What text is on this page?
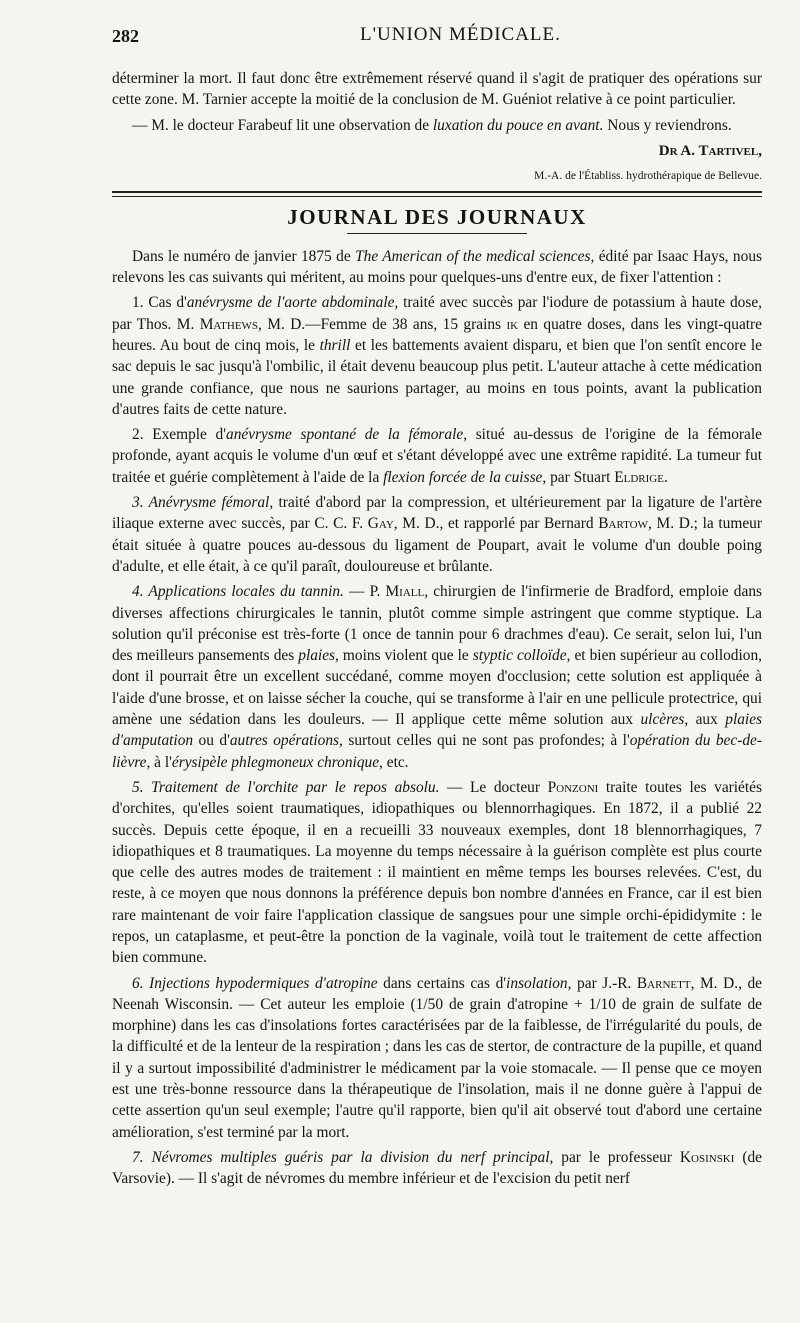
282	L'UNION MÉDICALE.

déterminer la mort. Il faut donc être extrêmement réservé quand il s'agit de pratiquer des opérations sur cette zone. M. Tarnier accepte la moitié de la conclusion de M. Guéniot relative à ce point particulier.

— M. le docteur Farabeuf lit une observation de luxation du pouce en avant. Nous y reviendrons.

Dr A. Tartivel,

M.-A. de l'Établiss. hydrothérapique de Bellevue.

JOURNAL DES JOURNAUX

Dans le numéro de janvier 1875 de The American of the medical sciences, édité par Isaac Hays, nous relevons les cas suivants qui méritent, au moins pour quelques-uns d'entre eux, de fixer l'attention :

1. Cas d'anévrysme de l'aorte abdominale, traité avec succès par l'iodure de potassium à haute dose, par Thos. M. Mathews, M. D.—Femme de 38 ans, 15 grains ik en quatre doses, dans les vingt-quatre heures. Au bout de cinq mois, le thrill et les battements avaient disparu, et bien que l'on sentît encore le sac depuis le sac jusqu'à l'ombilic, il était devenu beaucoup plus petit. L'auteur attache à cette médication une grande confiance, que nous ne saurions partager, au moins en tous points, avant la publication d'autres faits de cette nature.

2. Exemple d'anévrysme spontané de la fémorale, situé au-dessus de l'origine de la fémorale profonde, ayant acquis le volume d'un œuf et s'étant développé avec une extrême rapidité. La tumeur fut traitée et guérie complètement à l'aide de la flexion forcée de la cuisse, par Stuart Eldrige.

3. Anévrysme fémoral, traité d'abord par la compression, et ultérieurement par la ligature de l'artère iliaque externe avec succès, par C. C. F. Gay, M. D., et rapporlé par Bernard Bartow, M. D.; la tumeur était située à quatre pouces au-dessous du ligament de Poupart, avait le volume d'un double poing d'adulte, et elle était, à ce qu'il paraît, douloureuse et brûlante.

4. Applications locales du tannin. — P. Miall, chirurgien de l'infirmerie de Bradford, emploie dans diverses affections chirurgicales le tannin, plutôt comme simple astringent que comme styptique. La solution qu'il préconise est très-forte (1 once de tannin pour 6 drachmes d'eau). Ce serait, selon lui, l'un des meilleurs pansements des plaies, moins violent que le styptic colloïde, et bien supérieur au collodion, dont il pourrait être un excellent succédané, comme moyen d'occlusion; cette solution est appliquée à l'aide d'une brosse, et on laisse sécher la couche, qui se transforme à l'air en une pellicule protectrice, qui amène une sédation dans les douleurs. — Il applique cette même solution aux ulcères, aux plaies d'amputation ou d'autres opérations, surtout celles qui ne sont pas profondes; à l'opération du bec-de-lièvre, à l'érysipèle phlegmoneux chronique, etc.

5. Traitement de l'orchite par le repos absolu. — Le docteur Ponzoni traite toutes les variétés d'orchites, qu'elles soient traumatiques, idiopathiques ou blennorrhagiques. En 1872, il a publié 22 succès. Depuis cette époque, il en a recueilli 33 nouveaux exemples, dont 18 blennorrhagiques, 7 idiopathiques et 8 traumatiques. La moyenne du temps nécessaire à la guérison complète est plus courte que celle des autres modes de traitement : il maintient en même temps les bourses relevées. C'est, du reste, à ce moyen que nous donnons la préférence depuis bon nombre d'années en France, car il est bien rare maintenant de voir faire l'application classique de sangsues pour une simple orchi-épididymite : le repos, un cataplasme, et peut-être la ponction de la vaginale, voilà tout le traitement de cette affection bien commune.

6. Injections hypodermiques d'atropine dans certains cas d'insolation, par J.-R. Barnett, M. D., de Neenah Wisconsin. — Cet auteur les emploie (1/50 de grain d'atropine + 1/10 de grain de sulfate de morphine) dans les cas d'insolations fortes caractérisées par de la faiblesse, de l'irrégularité du pouls, de la difficulté et de la lenteur de la respiration ; dans les cas de stertor, de contracture de la pupille, et quand il y a surtout impossibilité d'administrer le médicament par la voie stomacale. — Il pense que ce moyen est une très-bonne ressource dans la thérapeutique de l'insolation, mais il ne donne guère à l'appui de cette assertion qu'un seul exemple; l'autre qu'il rapporte, bien qu'il ait observé tout d'abord une certaine amélioration, s'est terminé par la mort.

7. Névromes multiples guéris par la division du nerf principal, par le professeur Kosinski (de Varsovie). — Il s'agit de névromes du membre inférieur et de l'excision du petit nerf
